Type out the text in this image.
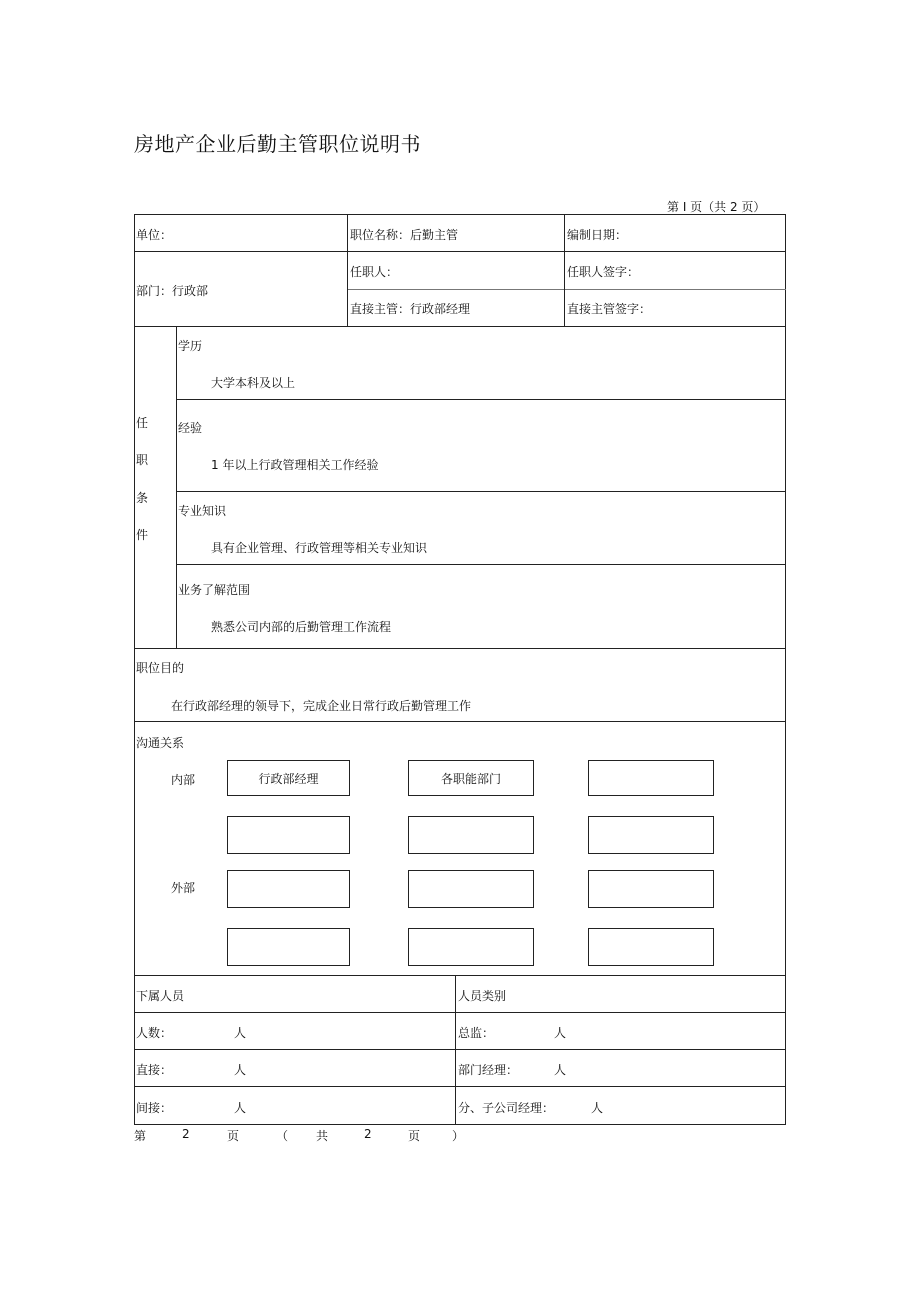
房地产企业后勤主管职位说明书
第 I 页（共 2 页）
单位：	职位名称：后勤主管	编制日期：
部门：行政部
任职人：	任职人签字：
直接主管：行政部经理	直接主管签字：
任
职
条
件
学历
大学本科及以上
经验
1 年以上行政管理相关工作经验
专业知识
具有企业管理、行政管理等相关专业知识
业务了解范围
熟悉公司内部的后勤管理工作流程
职位目的
在行政部经理的领导下，完成企业日常行政后勤管理工作
沟通关系
内部
外部
行政部经理	各职能部门
下属人员	人员类别
人数：	人	总监：	人
直接：	人	部门经理：	人
间接：	人	分、子公司经理：	人
第	2	页	（ 共	2	页	）
